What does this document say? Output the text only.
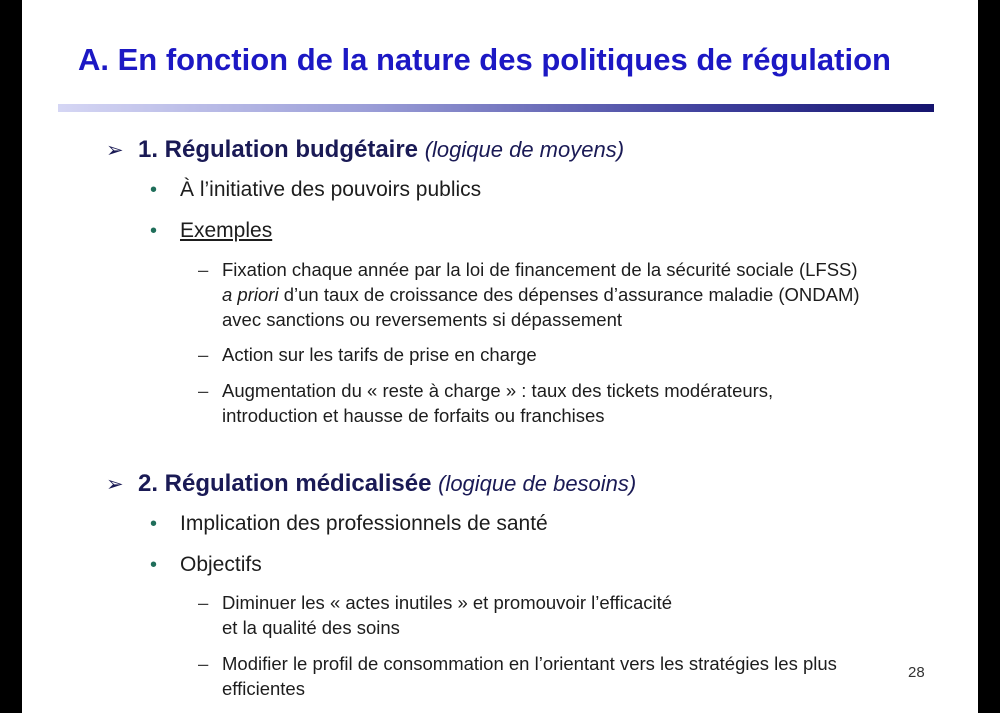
A. En fonction de la nature des politiques de régulation
➢ 1. Régulation budgétaire (logique de moyens)
• À l’initiative des pouvoirs publics
• Exemples
– Fixation chaque année par la loi de financement de la sécurité sociale (LFSS)
a priori d’un taux de croissance des dépenses d’assurance maladie (ONDAM)
avec sanctions ou reversements si dépassement
– Action sur les tarifs de prise en charge
– Augmentation du « reste à charge » : taux des tickets modérateurs,
introduction et hausse de forfaits ou franchises
➢ 2. Régulation médicalisée (logique de besoins)
• Implication des professionnels de santé
• Objectifs
– Diminuer les « actes inutiles » et promouvoir l’efficacité
et la qualité des soins
– Modifier le profil de consommation en l’orientant vers les stratégies les plus
efficientes
28
